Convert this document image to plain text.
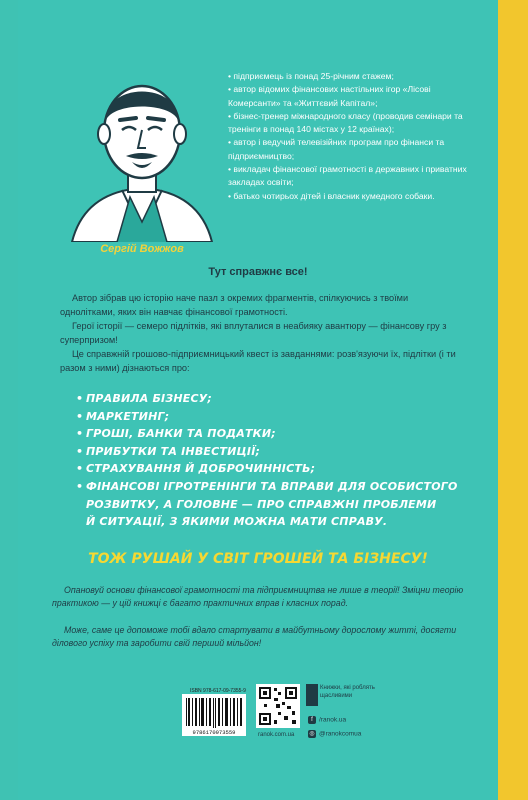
Сергій Вожжов
• підприємець із понад 25-річним стажем;
• автор відомих фінансових настільних ігор «Лісові Комерсанти» та «Життєвий Капітал»;
• бізнес-тренер міжнародного класу (проводив семінари та тренінги в понад 140 містах у 12 країнах);
• автор і ведучий телевізійних програм про фінанси та підприємництво;
• викладач фінансової грамотності в державних і приватних закладах освіти;
• батько чотирьох дітей і власник кумедного собаки.

Тут справжнє все!

Автор зібрав цю історію наче пазл з окремих фрагментів, спілкуючись з твоїми однолітками, яких він навчає фінансової грамотності.

Герої історії — семеро підлітків, які вплуталися в неабияку авантюру — фінансову гру з суперпризом!

Це справжній грошово-підприємницький квест із завданнями: розв'язуючи їх, підлітки (і ти разом з ними) дізнаються про:

• ПРАВИЛА БІЗНЕСУ;
• МАРКЕТИНГ;
• ГРОШІ, БАНКИ ТА ПОДАТКИ;
• ПРИБУТКИ ТА ІНВЕСТИЦІЇ;
• СТРАХУВАННЯ Й ДОБРОЧИННІСТЬ;
• ФІНАНСОВІ ІГРОТРЕНІНГИ ТА ВПРАВИ ДЛЯ ОСОБИСТОГО
РОЗВИТКУ, А ГОЛОВНЕ — ПРО СПРАВЖНІ ПРОБЛЕМИ
Й СИТУАЦІЇ, З ЯКИМИ МОЖНА МАТИ СПРАВУ.

ТОЖ РУШАЙ У СВІТ ГРОШЕЙ ТА БІЗНЕСУ!

Опановуй основи фінансової грамотності та підприємництва не лише в теорії! Зміцни теорію практикою — у цій книжці є багато практичних вправ і класних порад.

Може, саме це допоможе тобі вдало стартувати в майбутньому дорослому житті, досягти ділового успіху та заробити свій перший мільйон!

ISBN 978-617-09-7355-9
9786170973559	ranok.com.ua
Книжки, які роблять щасливими
f /ranok.ua
◎ @ranokcomua
